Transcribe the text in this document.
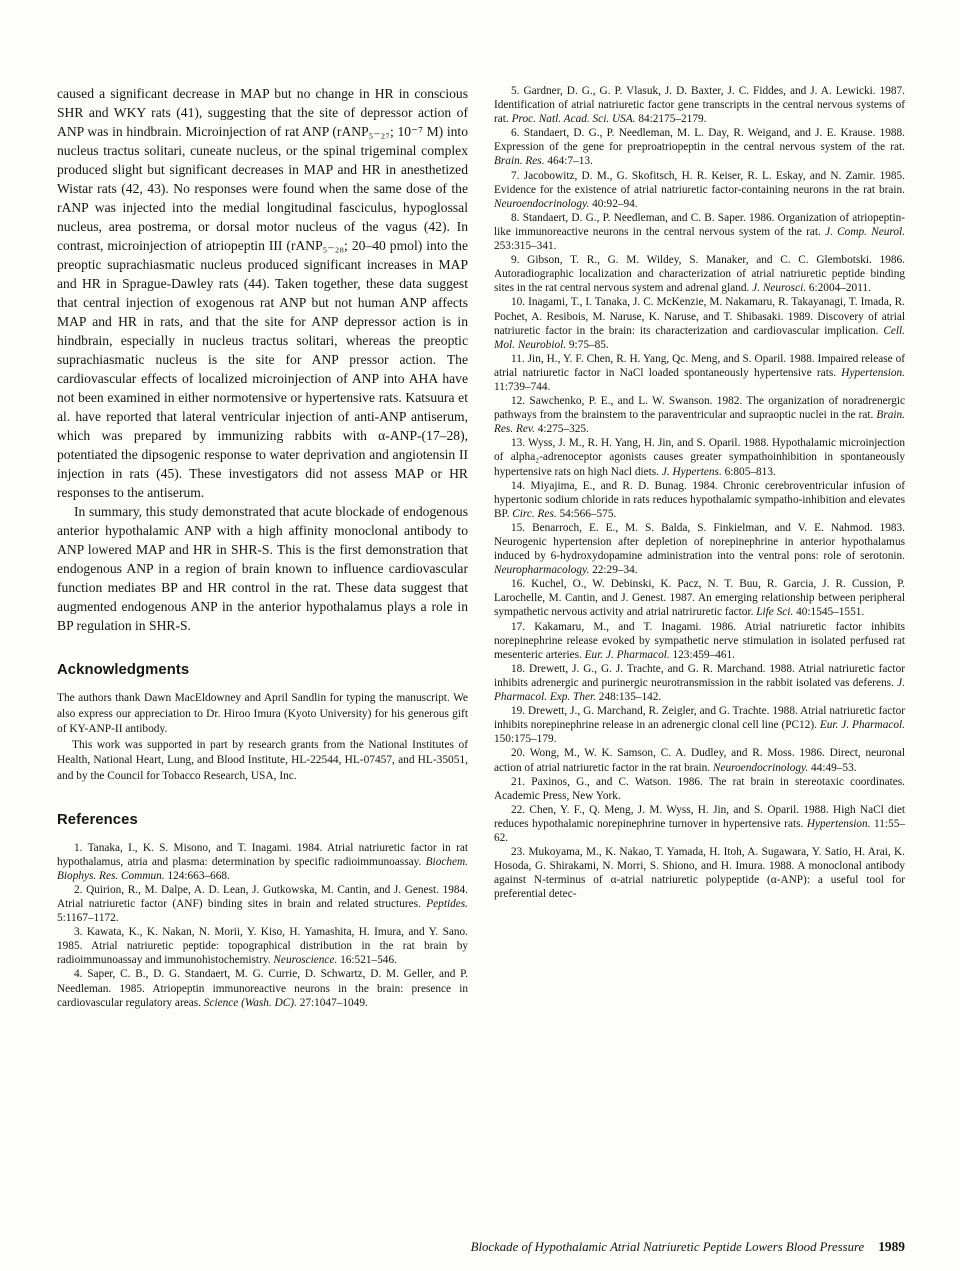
caused a significant decrease in MAP but no change in HR in conscious SHR and WKY rats (41), suggesting that the site of depressor action of ANP was in hindbrain. Microinjection of rat ANP (rANP₅₋₂₇; 10⁻⁷ M) into nucleus tractus solitari, cuneate nucleus, or the spinal trigeminal complex produced slight but significant decreases in MAP and HR in anesthetized Wistar rats (42, 43). No responses were found when the same dose of the rANP was injected into the medial longitudinal fasciculus, hypoglossal nucleus, area postrema, or dorsal motor nucleus of the vagus (42). In contrast, microinjection of atriopeptin III (rANP₅₋₂₈; 20–40 pmol) into the preoptic suprachiasmatic nucleus produced significant increases in MAP and HR in Sprague-Dawley rats (44). Taken together, these data suggest that central injection of exogenous rat ANP but not human ANP affects MAP and HR in rats, and that the site for ANP depressor action is in hindbrain, especially in nucleus tractus solitari, whereas the preoptic suprachiasmatic nucleus is the site for ANP pressor action. The cardiovascular effects of localized microinjection of ANP into AHA have not been examined in either normotensive or hypertensive rats. Katsuura et al. have reported that lateral ventricular injection of anti-ANP antiserum, which was prepared by immunizing rabbits with α-ANP-(17–28), potentiated the dipsogenic response to water deprivation and angiotensin II injection in rats (45). These investigators did not assess MAP or HR responses to the antiserum.

In summary, this study demonstrated that acute blockade of endogenous anterior hypothalamic ANP with a high affinity monoclonal antibody to ANP lowered MAP and HR in SHR-S. This is the first demonstration that endogenous ANP in a region of brain known to influence cardiovascular function mediates BP and HR control in the rat. These data suggest that augmented endogenous ANP in the anterior hypothalamus plays a role in BP regulation in SHR-S.

Acknowledgments

The authors thank Dawn MacEldowney and April Sandlin for typing the manuscript. We also express our appreciation to Dr. Hiroo Imura (Kyoto University) for his generous gift of KY-ANP-II antibody.

This work was supported in part by research grants from the National Institutes of Health, National Heart, Lung, and Blood Institute, HL-22544, HL-07457, and HL-35051, and by the Council for Tobacco Research, USA, Inc.

References

1. Tanaka, I., K. S. Misono, and T. Inagami. 1984. Atrial natriuretic factor in rat hypothalamus, atria and plasma: determination by specific radioimmunoassay. Biochem. Biophys. Res. Commun. 124:663–668.

2. Quirion, R., M. Dalpe, A. D. Lean, J. Gutkowska, M. Cantin, and J. Genest. 1984. Atrial natriuretic factor (ANF) binding sites in brain and related structures. Peptides. 5:1167–1172.

3. Kawata, K., K. Nakan, N. Morii, Y. Kiso, H. Yamashita, H. Imura, and Y. Sano. 1985. Atrial natriuretic peptide: topographical distribution in the rat brain by radioimmunoassay and immunohistochemistry. Neuroscience. 16:521–546.

4. Saper, C. B., D. G. Standaert, M. G. Currie, D. Schwartz, D. M. Geller, and P. Needleman. 1985. Atriopeptin immunoreactive neurons in the brain: presence in cardiovascular regulatory areas. Science (Wash. DC). 27:1047–1049.

5. Gardner, D. G., G. P. Vlasuk, J. D. Baxter, J. C. Fiddes, and J. A. Lewicki. 1987. Identification of atrial natriuretic factor gene transcripts in the central nervous systems of rat. Proc. Natl. Acad. Sci. USA. 84:2175–2179.

6. Standaert, D. G., P. Needleman, M. L. Day, R. Weigand, and J. E. Krause. 1988. Expression of the gene for preproatriopeptin in the central nervous system of the rat. Brain. Res. 464:7–13.

7. Jacobowitz, D. M., G. Skofitsch, H. R. Keiser, R. L. Eskay, and N. Zamir. 1985. Evidence for the existence of atrial natriuretic factor-containing neurons in the rat brain. Neuroendocrinology. 40:92–94.

8. Standaert, D. G., P. Needleman, and C. B. Saper. 1986. Organization of atriopeptin-like immunoreactive neurons in the central nervous system of the rat. J. Comp. Neurol. 253:315–341.

9. Gibson, T. R., G. M. Wildey, S. Manaker, and C. C. Glembotski. 1986. Autoradiographic localization and characterization of atrial natriuretic peptide binding sites in the rat central nervous system and adrenal gland. J. Neurosci. 6:2004–2011.

10. Inagami, T., I. Tanaka, J. C. McKenzie, M. Nakamaru, R. Takayanagi, T. Imada, R. Pochet, A. Resibois, M. Naruse, K. Naruse, and T. Shibasaki. 1989. Discovery of atrial natriuretic factor in the brain: its characterization and cardiovascular implication. Cell. Mol. Neurobiol. 9:75–85.

11. Jin, H., Y. F. Chen, R. H. Yang, Qc. Meng, and S. Oparil. 1988. Impaired release of atrial natriuretic factor in NaCl loaded spontaneously hypertensive rats. Hypertension. 11:739–744.

12. Sawchenko, P. E., and L. W. Swanson. 1982. The organization of noradrenergic pathways from the brainstem to the paraventricular and supraoptic nuclei in the rat. Brain. Res. Rev. 4:275–325.

13. Wyss, J. M., R. H. Yang, H. Jin, and S. Oparil. 1988. Hypothalamic microinjection of alpha₂-adrenoceptor agonists causes greater sympathoinhibition in spontaneously hypertensive rats on high Nacl diets. J. Hypertens. 6:805–813.

14. Miyajima, E., and R. D. Bunag. 1984. Chronic cerebroventricular infusion of hypertonic sodium chloride in rats reduces hypothalamic sympatho-inhibition and elevates BP. Circ. Res. 54:566–575.

15. Benarroch, E. E., M. S. Balda, S. Finkielman, and V. E. Nahmod. 1983. Neurogenic hypertension after depletion of norepinephrine in anterior hypothalamus induced by 6-hydroxydopamine administration into the ventral pons: role of serotonin. Neuropharmacology. 22:29–34.

16. Kuchel, O., W. Debinski, K. Pacz, N. T. Buu, R. Garcia, J. R. Cussion, P. Larochelle, M. Cantin, and J. Genest. 1987. An emerging relationship between peripheral sympathetic nervous activity and atrial natriruretic factor. Life Sci. 40:1545–1551.

17. Kakamaru, M., and T. Inagami. 1986. Atrial natriuretic factor inhibits norepinephrine release evoked by sympathetic nerve stimulation in isolated perfused rat mesenteric arteries. Eur. J. Pharmacol. 123:459–461.

18. Drewett, J. G., G. J. Trachte, and G. R. Marchand. 1988. Atrial natriuretic factor inhibits adrenergic and purinergic neurotransmission in the rabbit isolated vas deferens. J. Pharmacol. Exp. Ther. 248:135–142.

19. Drewett, J., G. Marchand, R. Zeigler, and G. Trachte. 1988. Atrial natriuretic factor inhibits norepinephrine release in an adrenergic clonal cell line (PC12). Eur. J. Pharmacol. 150:175–179.

20. Wong, M., W. K. Samson, C. A. Dudley, and R. Moss. 1986. Direct, neuronal action of atrial natriuretic factor in the rat brain. Neuroendocrinology. 44:49–53.

21. Paxinos, G., and C. Watson. 1986. The rat brain in stereotaxic coordinates. Academic Press, New York.

22. Chen, Y. F., Q. Meng, J. M. Wyss, H. Jin, and S. Oparil. 1988. High NaCl diet reduces hypothalamic norepinephrine turnover in hypertensive rats. Hypertension. 11:55–62.

23. Mukoyama, M., K. Nakao, T. Yamada, H. Itoh, A. Sugawara, Y. Satio, H. Arai, K. Hosoda, G. Shirakami, N. Morri, S. Shiono, and H. Imura. 1988. A monoclonal antibody against N-terminus of α-atrial natriuretic polypeptide (α-ANP): a useful tool for preferential detec-

Blockade of Hypothalamic Atrial Natriuretic Peptide Lowers Blood Pressure 1989
